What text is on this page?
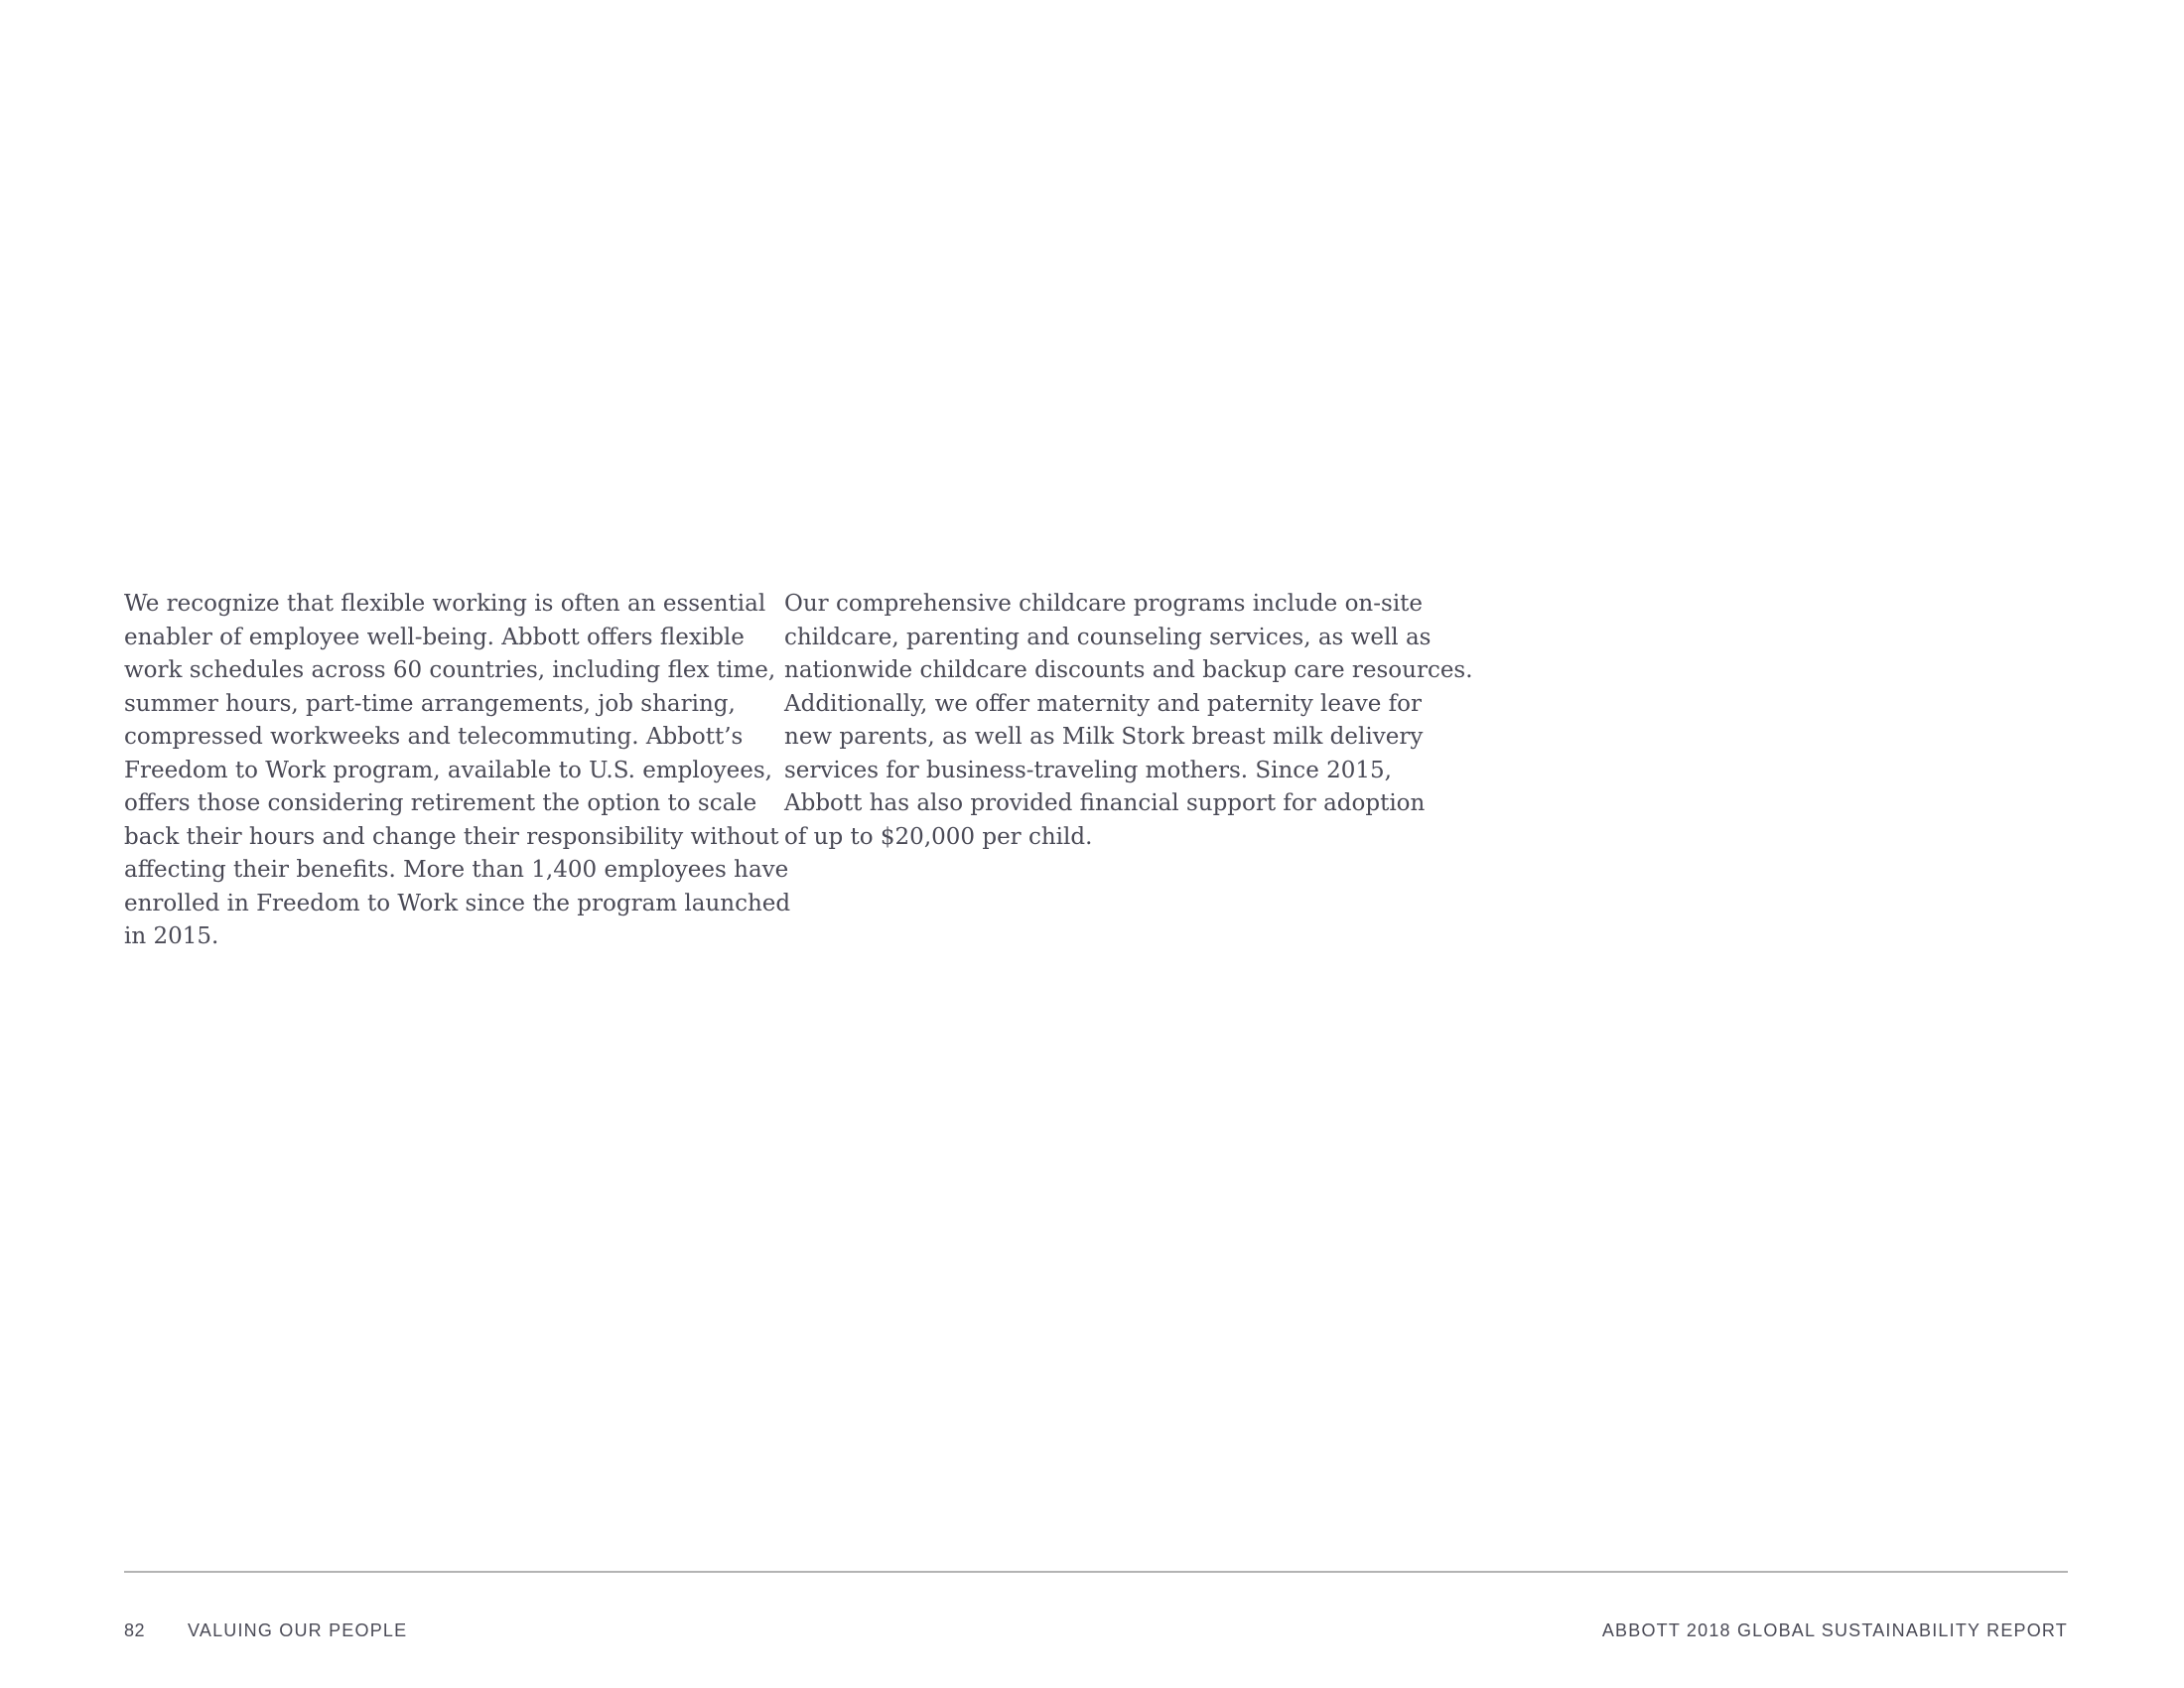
We recognize that flexible working is often an essential
enabler of employee well-being. Abbott offers flexible
work schedules across 60 countries, including flex time,
summer hours, part-time arrangements, job sharing,
compressed workweeks and telecommuting. Abbott’s
Freedom to Work program, available to U.S. employees,
offers those considering retirement the option to scale
back their hours and change their responsibility without
affecting their benefits. More than 1,400 employees have
enrolled in Freedom to Work since the program launched
in 2015.
Our comprehensive childcare programs include on-site
childcare, parenting and counseling services, as well as
nationwide childcare discounts and backup care resources.
Additionally, we offer maternity and paternity leave for
new parents, as well as Milk Stork breast milk delivery
services for business-traveling mothers. Since 2015,
Abbott has also provided financial support for adoption
of up to $20,000 per child.
82 VALUING OUR PEOPLE	ABBOTT 2018 GLOBAL SUSTAINABILITY REPORT
